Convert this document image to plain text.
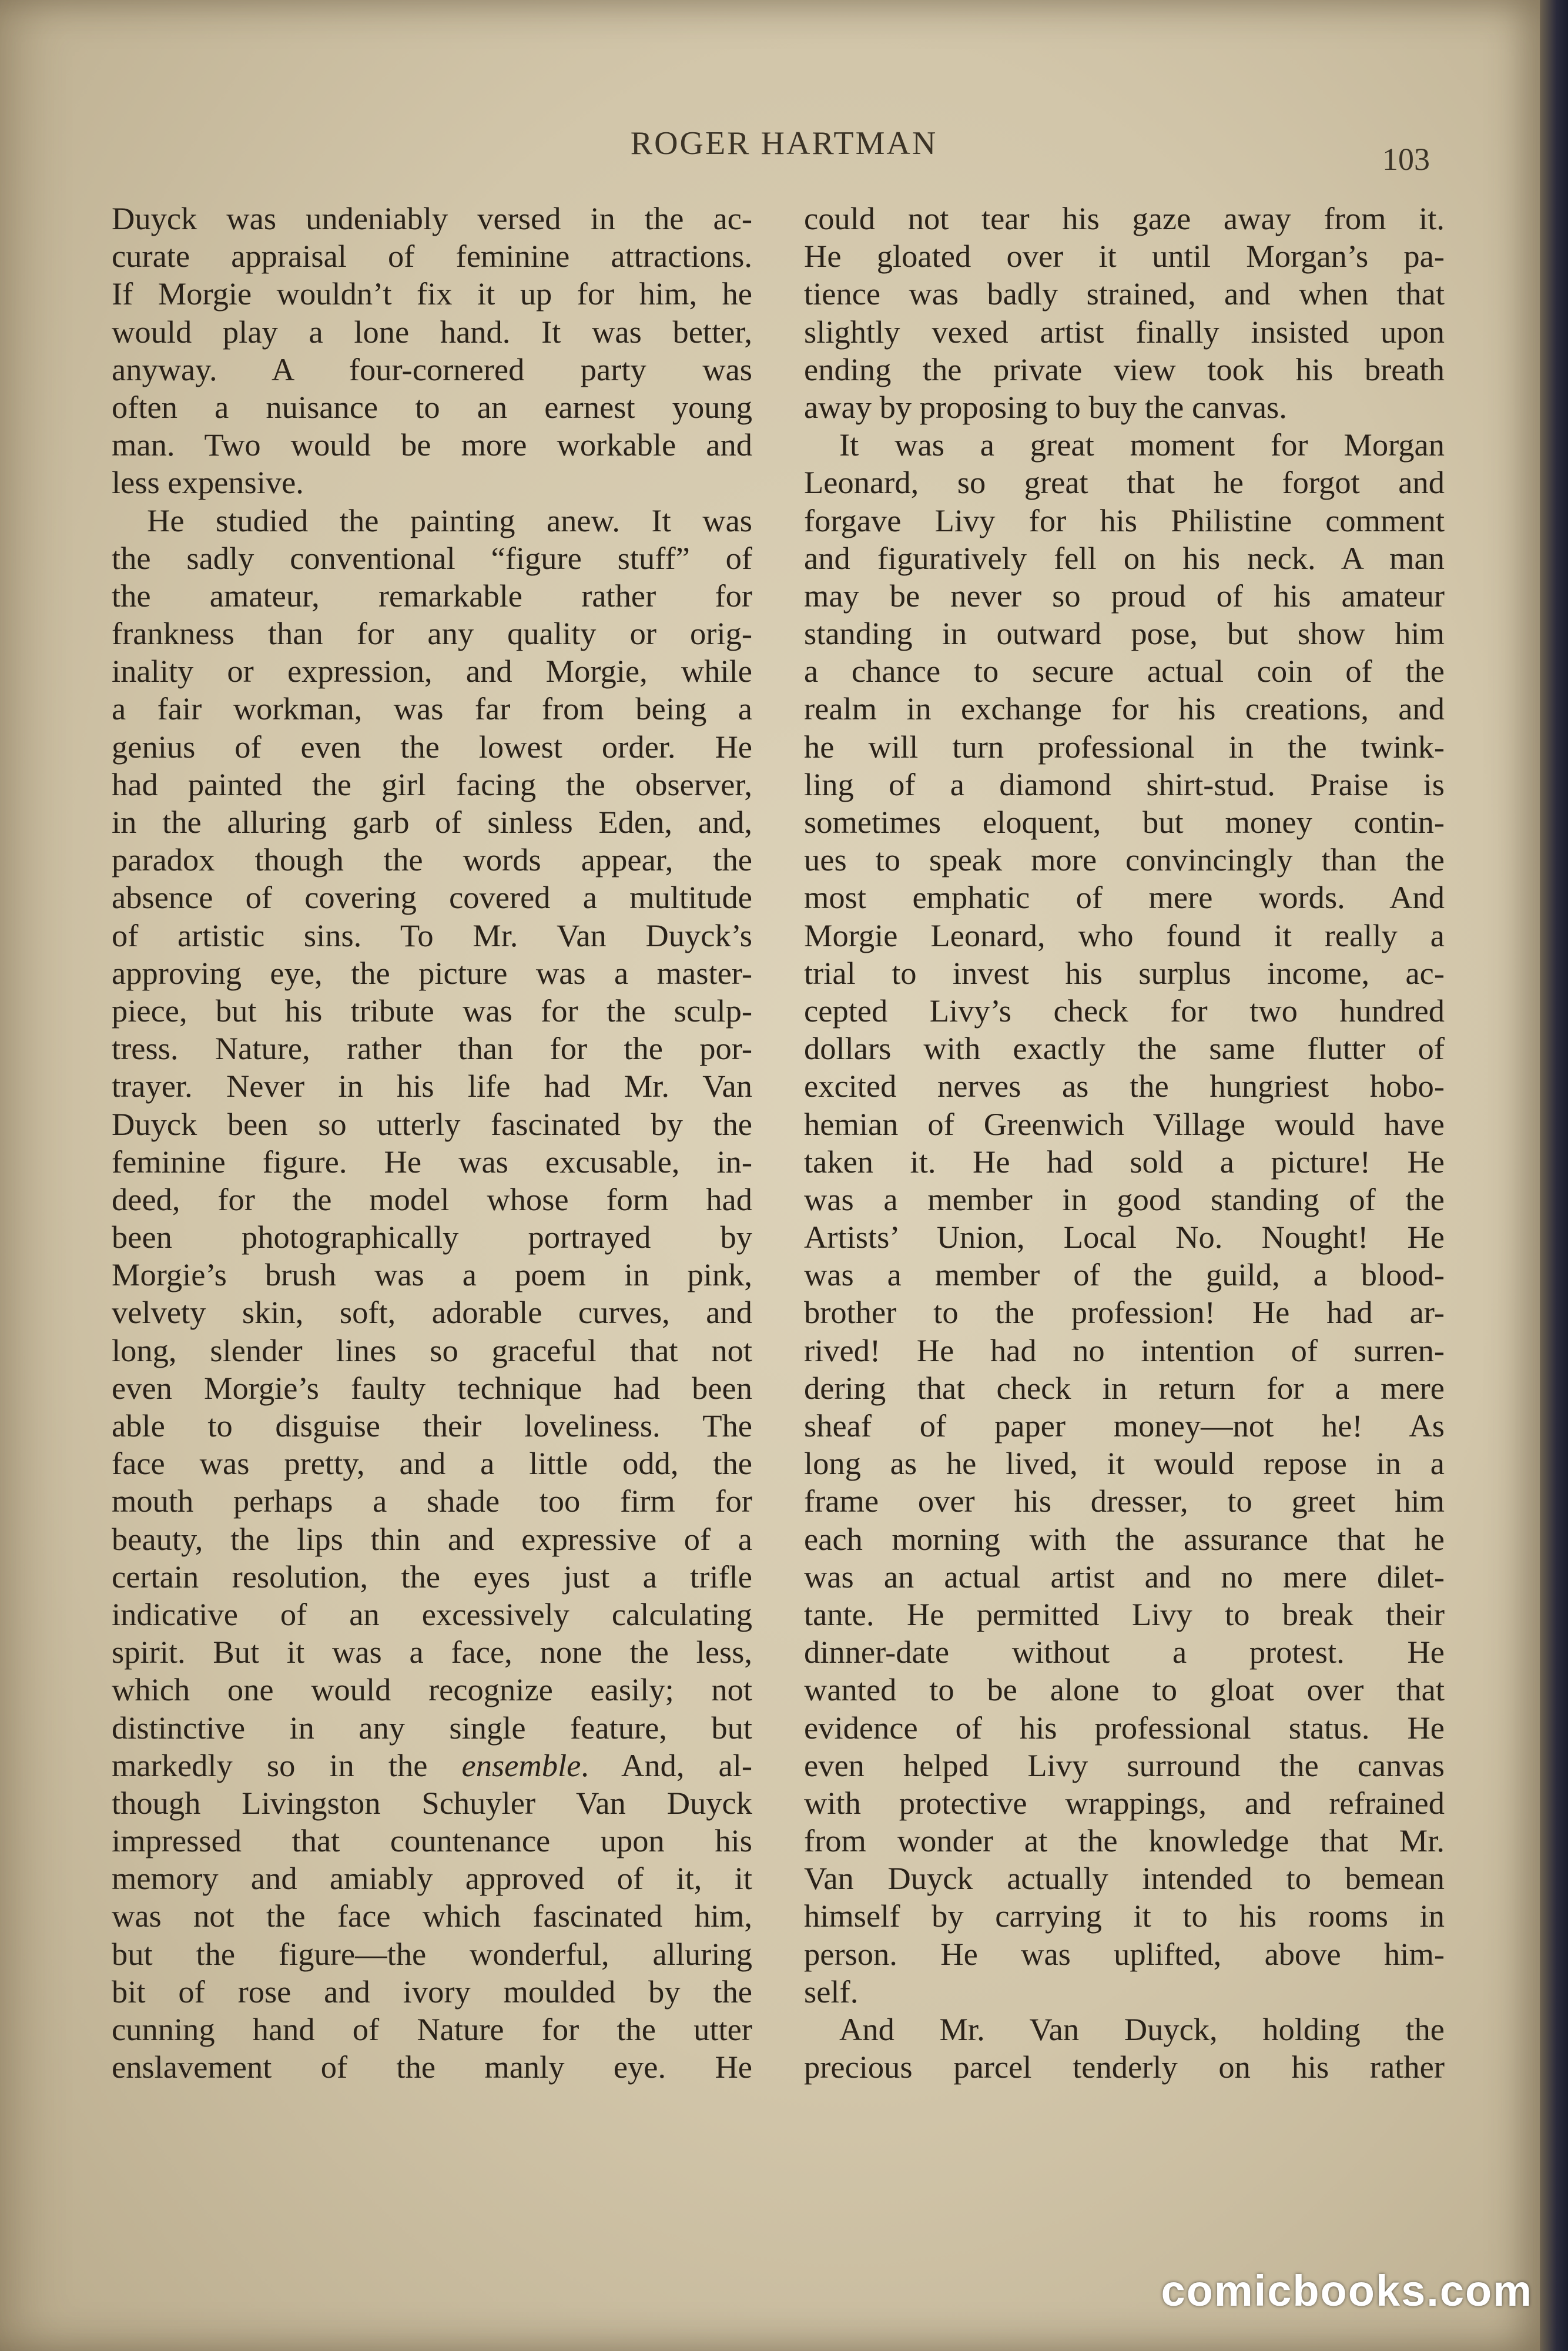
ROGER HARTMAN	103
Duyck was undeniably versed in the ac-
curate appraisal of feminine attractions.
If Morgie wouldn’t fix it up for him, he
would play a lone hand. It was better,
anyway. A four-cornered party was
often a nuisance to an earnest young
man. Two would be more workable and
less expensive.
He studied the painting anew. It was
the sadly conventional “figure stuff” of
the amateur, remarkable rather for
frankness than for any quality or orig-
inality or expression, and Morgie, while
a fair workman, was far from being a
genius of even the lowest order. He
had painted the girl facing the observer,
in the alluring garb of sinless Eden, and,
paradox though the words appear, the
absence of covering covered a multitude
of artistic sins. To Mr. Van Duyck’s
approving eye, the picture was a master-
piece, but his tribute was for the sculp-
tress. Nature, rather than for the por-
trayer. Never in his life had Mr. Van
Duyck been so utterly fascinated by the
feminine figure. He was excusable, in-
deed, for the model whose form had
been photographically portrayed by
Morgie’s brush was a poem in pink,
velvety skin, soft, adorable curves, and
long, slender lines so graceful that not
even Morgie’s faulty technique had been
able to disguise their loveliness. The
face was pretty, and a little odd, the
mouth perhaps a shade too firm for
beauty, the lips thin and expressive of a
certain resolution, the eyes just a trifle
indicative of an excessively calculating
spirit. But it was a face, none the less,
which one would recognize easily; not
distinctive in any single feature, but
markedly so in the ensemble. And, al-
though Livingston Schuyler Van Duyck
impressed that countenance upon his
memory and amiably approved of it, it
was not the face which fascinated him,
but the figure—the wonderful, alluring
bit of rose and ivory moulded by the
cunning hand of Nature for the utter
enslavement of the manly eye. He
could not tear his gaze away from it.
He gloated over it until Morgan’s pa-
tience was badly strained, and when that
slightly vexed artist finally insisted upon
ending the private view took his breath
away by proposing to buy the canvas.
It was a great moment for Morgan
Leonard, so great that he forgot and
forgave Livy for his Philistine comment
and figuratively fell on his neck. A man
may be never so proud of his amateur
standing in outward pose, but show him
a chance to secure actual coin of the
realm in exchange for his creations, and
he will turn professional in the twink-
ling of a diamond shirt-stud. Praise is
sometimes eloquent, but money contin-
ues to speak more convincingly than the
most emphatic of mere words. And
Morgie Leonard, who found it really a
trial to invest his surplus income, ac-
cepted Livy’s check for two hundred
dollars with exactly the same flutter of
excited nerves as the hungriest hobo-
hemian of Greenwich Village would have
taken it. He had sold a picture! He
was a member in good standing of the
Artists’ Union, Local No. Nought! He
was a member of the guild, a blood-
brother to the profession! He had ar-
rived! He had no intention of surren-
dering that check in return for a mere
sheaf of paper money—not he! As
long as he lived, it would repose in a
frame over his dresser, to greet him
each morning with the assurance that he
was an actual artist and no mere dilet-
tante. He permitted Livy to break their
dinner-date without a protest. He
wanted to be alone to gloat over that
evidence of his professional status. He
even helped Livy surround the canvas
with protective wrappings, and refrained
from wonder at the knowledge that Mr.
Van Duyck actually intended to bemean
himself by carrying it to his rooms in
person. He was uplifted, above him-
self.
And Mr. Van Duyck, holding the
precious parcel tenderly on his rather
comicbooks.com
